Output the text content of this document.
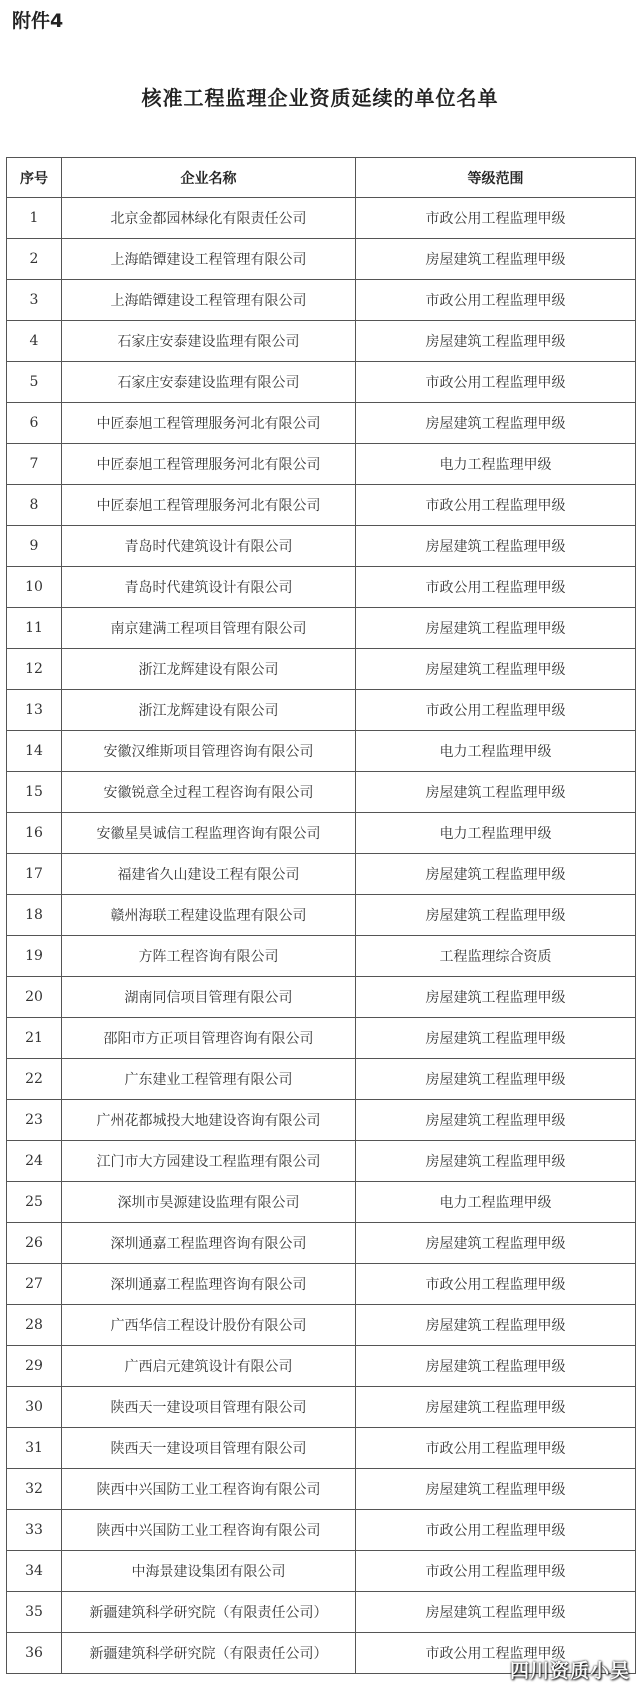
附件4
核准工程监理企业资质延续的单位名单
序号	企业名称	等级范围
1	北京金都园林绿化有限责任公司	市政公用工程监理甲级
2	上海皓镡建设工程管理有限公司	房屋建筑工程监理甲级
3	上海皓镡建设工程管理有限公司	市政公用工程监理甲级
4	石家庄安泰建设监理有限公司	房屋建筑工程监理甲级
5	石家庄安泰建设监理有限公司	市政公用工程监理甲级
6	中匠泰旭工程管理服务河北有限公司	房屋建筑工程监理甲级
7	中匠泰旭工程管理服务河北有限公司	电力工程监理甲级
8	中匠泰旭工程管理服务河北有限公司	市政公用工程监理甲级
9	青岛时代建筑设计有限公司	房屋建筑工程监理甲级
10	青岛时代建筑设计有限公司	市政公用工程监理甲级
11	南京建满工程项目管理有限公司	房屋建筑工程监理甲级
12	浙江龙辉建设有限公司	房屋建筑工程监理甲级
13	浙江龙辉建设有限公司	市政公用工程监理甲级
14	安徽汉维斯项目管理咨询有限公司	电力工程监理甲级
15	安徽锐意全过程工程咨询有限公司	房屋建筑工程监理甲级
16	安徽星昊诚信工程监理咨询有限公司	电力工程监理甲级
17	福建省久山建设工程有限公司	房屋建筑工程监理甲级
18	赣州海联工程建设监理有限公司	房屋建筑工程监理甲级
19	方阵工程咨询有限公司	工程监理综合资质
20	湖南同信项目管理有限公司	房屋建筑工程监理甲级
21	邵阳市方正项目管理咨询有限公司	房屋建筑工程监理甲级
22	广东建业工程管理有限公司	房屋建筑工程监理甲级
23	广州花都城投大地建设咨询有限公司	房屋建筑工程监理甲级
24	江门市大方园建设工程监理有限公司	房屋建筑工程监理甲级
25	深圳市昊源建设监理有限公司	电力工程监理甲级
26	深圳通嘉工程监理咨询有限公司	房屋建筑工程监理甲级
27	深圳通嘉工程监理咨询有限公司	市政公用工程监理甲级
28	广西华信工程设计股份有限公司	房屋建筑工程监理甲级
29	广西启元建筑设计有限公司	房屋建筑工程监理甲级
30	陕西天一建设项目管理有限公司	房屋建筑工程监理甲级
31	陕西天一建设项目管理有限公司	市政公用工程监理甲级
32	陕西中兴国防工业工程咨询有限公司	房屋建筑工程监理甲级
33	陕西中兴国防工业工程咨询有限公司	市政公用工程监理甲级
34	中海景建设集团有限公司	市政公用工程监理甲级
35	新疆建筑科学研究院（有限责任公司）	房屋建筑工程监理甲级
36	新疆建筑科学研究院（有限责任公司）	市政公用工程监理甲级
四川资质小吴
